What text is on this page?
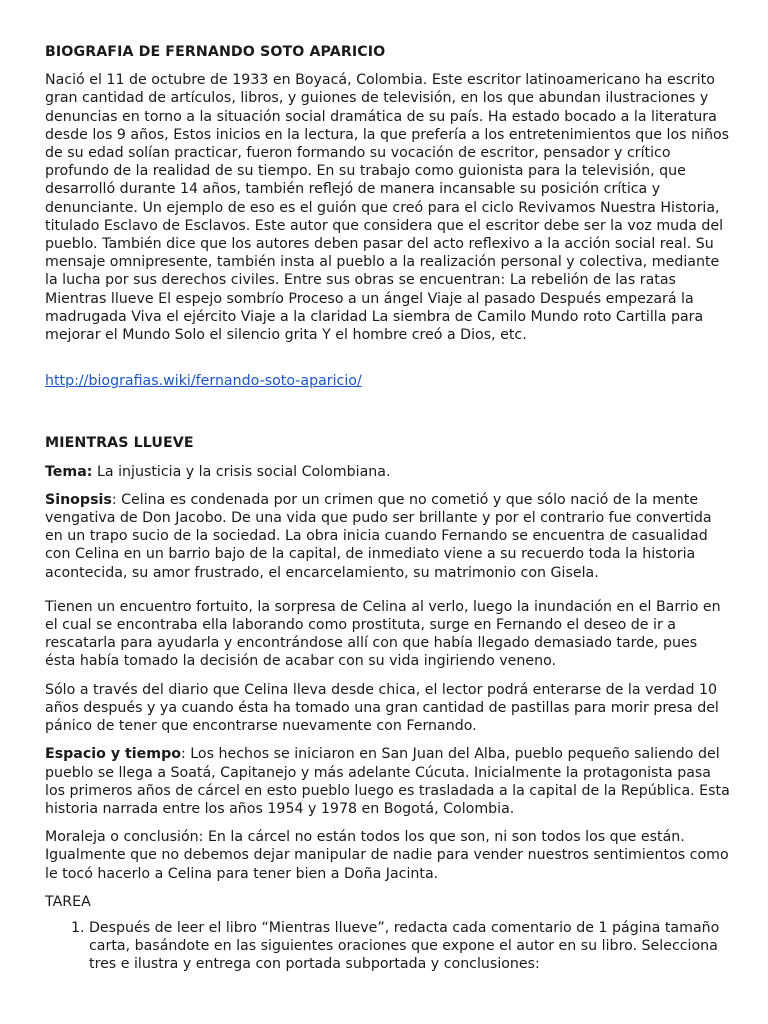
BIOGRAFIA DE FERNANDO SOTO APARICIO

Nació el 11 de octubre de 1933 en Boyacá, Colombia. Este escritor latinoamericano ha escrito gran cantidad de artículos, libros, y guiones de televisión, en los que abundan ilustraciones y denuncias en torno a la situación social dramática de su país. Ha estado bocado a la literatura desde los 9 años, Estos inicios en la lectura, la que prefería a los entretenimientos que los niños de su edad solían practicar, fueron formando su vocación de escritor, pensador y crítico profundo de la realidad de su tiempo. En su trabajo como guionista para la televisión, que desarrolló durante 14 años, también reflejó de manera incansable su posición crítica y denunciante. Un ejemplo de eso es el guión que creó para el ciclo Revivamos Nuestra Historia, titulado Esclavo de Esclavos. Este autor que considera que el escritor debe ser la voz muda del pueblo. También dice que los autores deben pasar del acto reflexivo a la acción social real. Su mensaje omnipresente, también insta al pueblo a la realización personal y colectiva, mediante la lucha por sus derechos civiles. Entre sus obras se encuentran: La rebelión de las ratas Mientras llueve El espejo sombrío Proceso a un ángel Viaje al pasado Después empezará la madrugada Viva el ejército Viaje a la claridad La siembra de Camilo Mundo roto Cartilla para mejorar el Mundo Solo el silencio grita Y el hombre creó a Dios, etc.

http://biografias.wiki/fernando-soto-aparicio/

MIENTRAS LLUEVE

Tema: La injusticia y la crisis social Colombiana.

Sinopsis: Celina es condenada por un crimen que no cometió y que sólo nació de la mente vengativa de Don Jacobo. De una vida que pudo ser brillante y por el contrario fue convertida en un trapo sucio de la sociedad. La obra inicia cuando Fernando se encuentra de casualidad con Celina en un barrio bajo de la capital, de inmediato viene a su recuerdo toda la historia acontecida, su amor frustrado, el encarcelamiento, su matrimonio con Gisela.

Tienen un encuentro fortuito, la sorpresa de Celina al verlo, luego la inundación en el Barrio en el cual se encontraba ella laborando como prostituta, surge en Fernando el deseo de ir a rescatarla para ayudarla y encontrándose allí con que había llegado demasiado tarde, pues ésta había tomado la decisión de acabar con su vida ingiriendo veneno.

Sólo a través del diario que Celina lleva desde chica, el lector podrá enterarse de la verdad 10 años después y ya cuando ésta ha tomado una gran cantidad de pastillas para morir presa del pánico de tener que encontrarse nuevamente con Fernando.

Espacio y tiempo: Los hechos se iniciaron en San Juan del Alba, pueblo pequeño saliendo del pueblo se llega a Soatá, Capitanejo y más adelante Cúcuta. Inicialmente la protagonista pasa los primeros años de cárcel en esto pueblo luego es trasladada a la capital de la República. Esta historia narrada entre los años 1954 y 1978 en Bogotá, Colombia.

Moraleja o conclusión: En la cárcel no están todos los que son, ni son todos los que están. Igualmente que no debemos dejar manipular de nadie para vender nuestros sentimientos como le tocó hacerlo a Celina para tener bien a Doña Jacinta.

TAREA

1. Después de leer el libro “Mientras llueve”, redacta cada comentario de 1 página tamaño carta, basándote en las siguientes oraciones que expone el autor en su libro. Selecciona tres e ilustra y entrega con portada subportada y conclusiones:
